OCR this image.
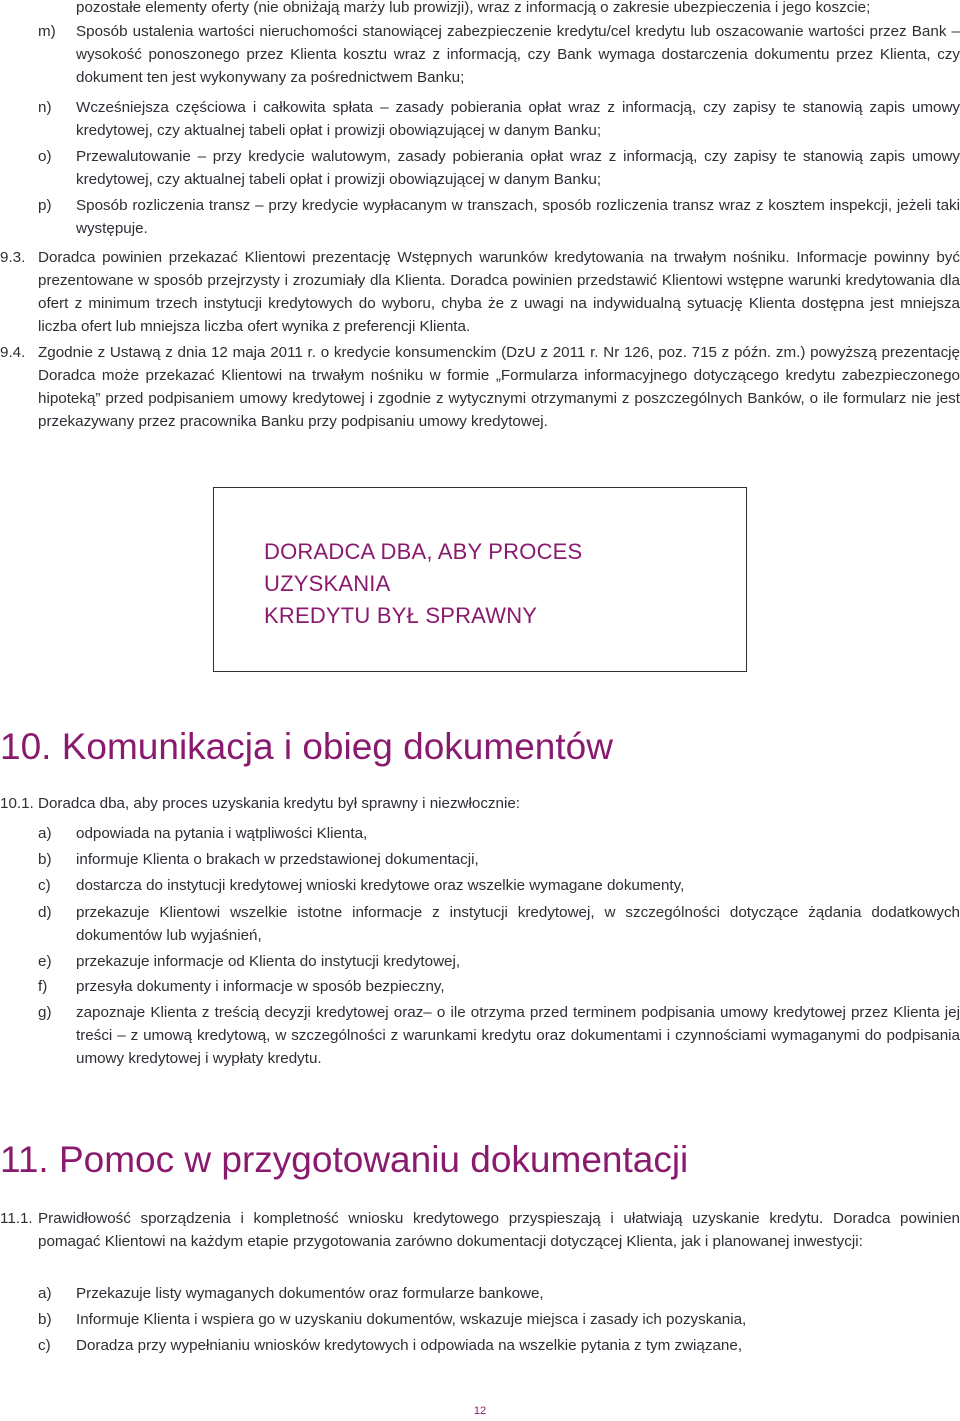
pozostałe elementy oferty (nie obniżają marży lub prowizji), wraz z informacją o zakresie ubezpieczenia i jego koszcie;
m) Sposób ustalenia wartości nieruchomości stanowiącej zabezpieczenie kredytu/cel kredytu lub oszacowanie wartości przez Bank – wysokość ponoszonego przez Klienta kosztu wraz z informacją, czy Bank wymaga dostarczenia dokumentu przez Klienta, czy dokument ten jest wykonywany za pośrednictwem Banku;
n) Wcześniejsza częściowa i całkowita spłata – zasady pobierania opłat wraz z informacją, czy zapisy te stanowią zapis umowy kredytowej, czy aktualnej tabeli opłat i prowizji obowiązującej w danym Banku;
o) Przewalutowanie – przy kredycie walutowym, zasady pobierania opłat wraz z informacją, czy zapisy te stanowią zapis umowy kredytowej, czy aktualnej tabeli opłat i prowizji obowiązującej w danym Banku;
p) Sposób rozliczenia transz – przy kredycie wypłacanym w transzach, sposób rozliczenia transz wraz z kosztem inspekcji, jeżeli taki występuje.
9.3. Doradca powinien przekazać Klientowi prezentację Wstępnych warunków kredytowania na trwałym nośniku. Informacje powinny być prezentowane w sposób przejrzysty i zrozumiały dla Klienta. Doradca powinien przedstawić Klientowi wstępne warunki kredytowania dla ofert z minimum trzech instytucji kredytowych do wyboru, chyba że z uwagi na indywidualną sytuację Klienta dostępna jest mniejsza liczba ofert lub mniejsza liczba ofert wynika z preferencji Klienta.
9.4. Zgodnie z Ustawą z dnia 12 maja 2011 r. o kredycie konsumenckim (DzU z 2011 r. Nr 126, poz. 715 z późn. zm.) powyższą prezentację Doradca może przekazać Klientowi na trwałym nośniku w formie „Formularza informacyjnego dotyczącego kredytu zabezpieczonego hipoteką” przed podpisaniem umowy kredytowej i zgodnie z wytycznymi otrzymanymi z poszczególnych Banków, o ile formularz nie jest przekazywany przez pracownika Banku przy podpisaniu umowy kredytowej.
DORADCA DBA, ABY PROCES UZYSKANIA
KREDYTU BYŁ SPRAWNY
10. Komunikacja i obieg dokumentów
10.1. Doradca dba, aby proces uzyskania kredytu był sprawny i niezwłocznie:
a) odpowiada na pytania i wątpliwości Klienta,
b) informuje Klienta o brakach w przedstawionej dokumentacji,
c) dostarcza do instytucji kredytowej wnioski kredytowe oraz wszelkie wymagane dokumenty,
d) przekazuje Klientowi wszelkie istotne informacje z instytucji kredytowej, w szczególności dotyczące żądania dodatkowych dokumentów lub wyjaśnień,
e) przekazuje informacje od Klienta do instytucji kredytowej,
f) przesyła dokumenty i informacje w sposób bezpieczny,
g) zapoznaje Klienta z treścią decyzji kredytowej oraz– o ile otrzyma przed terminem podpisania umowy kredytowej przez Klienta jej treści – z umową kredytową, w szczególności z warunkami kredytu oraz dokumentami i czynnościami wymaganymi do podpisania umowy kredytowej i wypłaty kredytu.
11. Pomoc w przygotowaniu dokumentacji
11.1. Prawidłowość sporządzenia i kompletność wniosku kredytowego przyspieszają i ułatwiają uzyskanie kredytu. Doradca powinien pomagać Klientowi na każdym etapie przygotowania zarówno dokumentacji dotyczącej Klienta, jak i planowanej inwestycji:
a) Przekazuje listy wymaganych dokumentów oraz formularze bankowe,
b) Informuje Klienta i wspiera go w uzyskaniu dokumentów, wskazuje miejsca i zasady ich pozyskania,
c) Doradza przy wypełnianiu wniosków kredytowych i odpowiada na wszelkie pytania z tym związane,
12
